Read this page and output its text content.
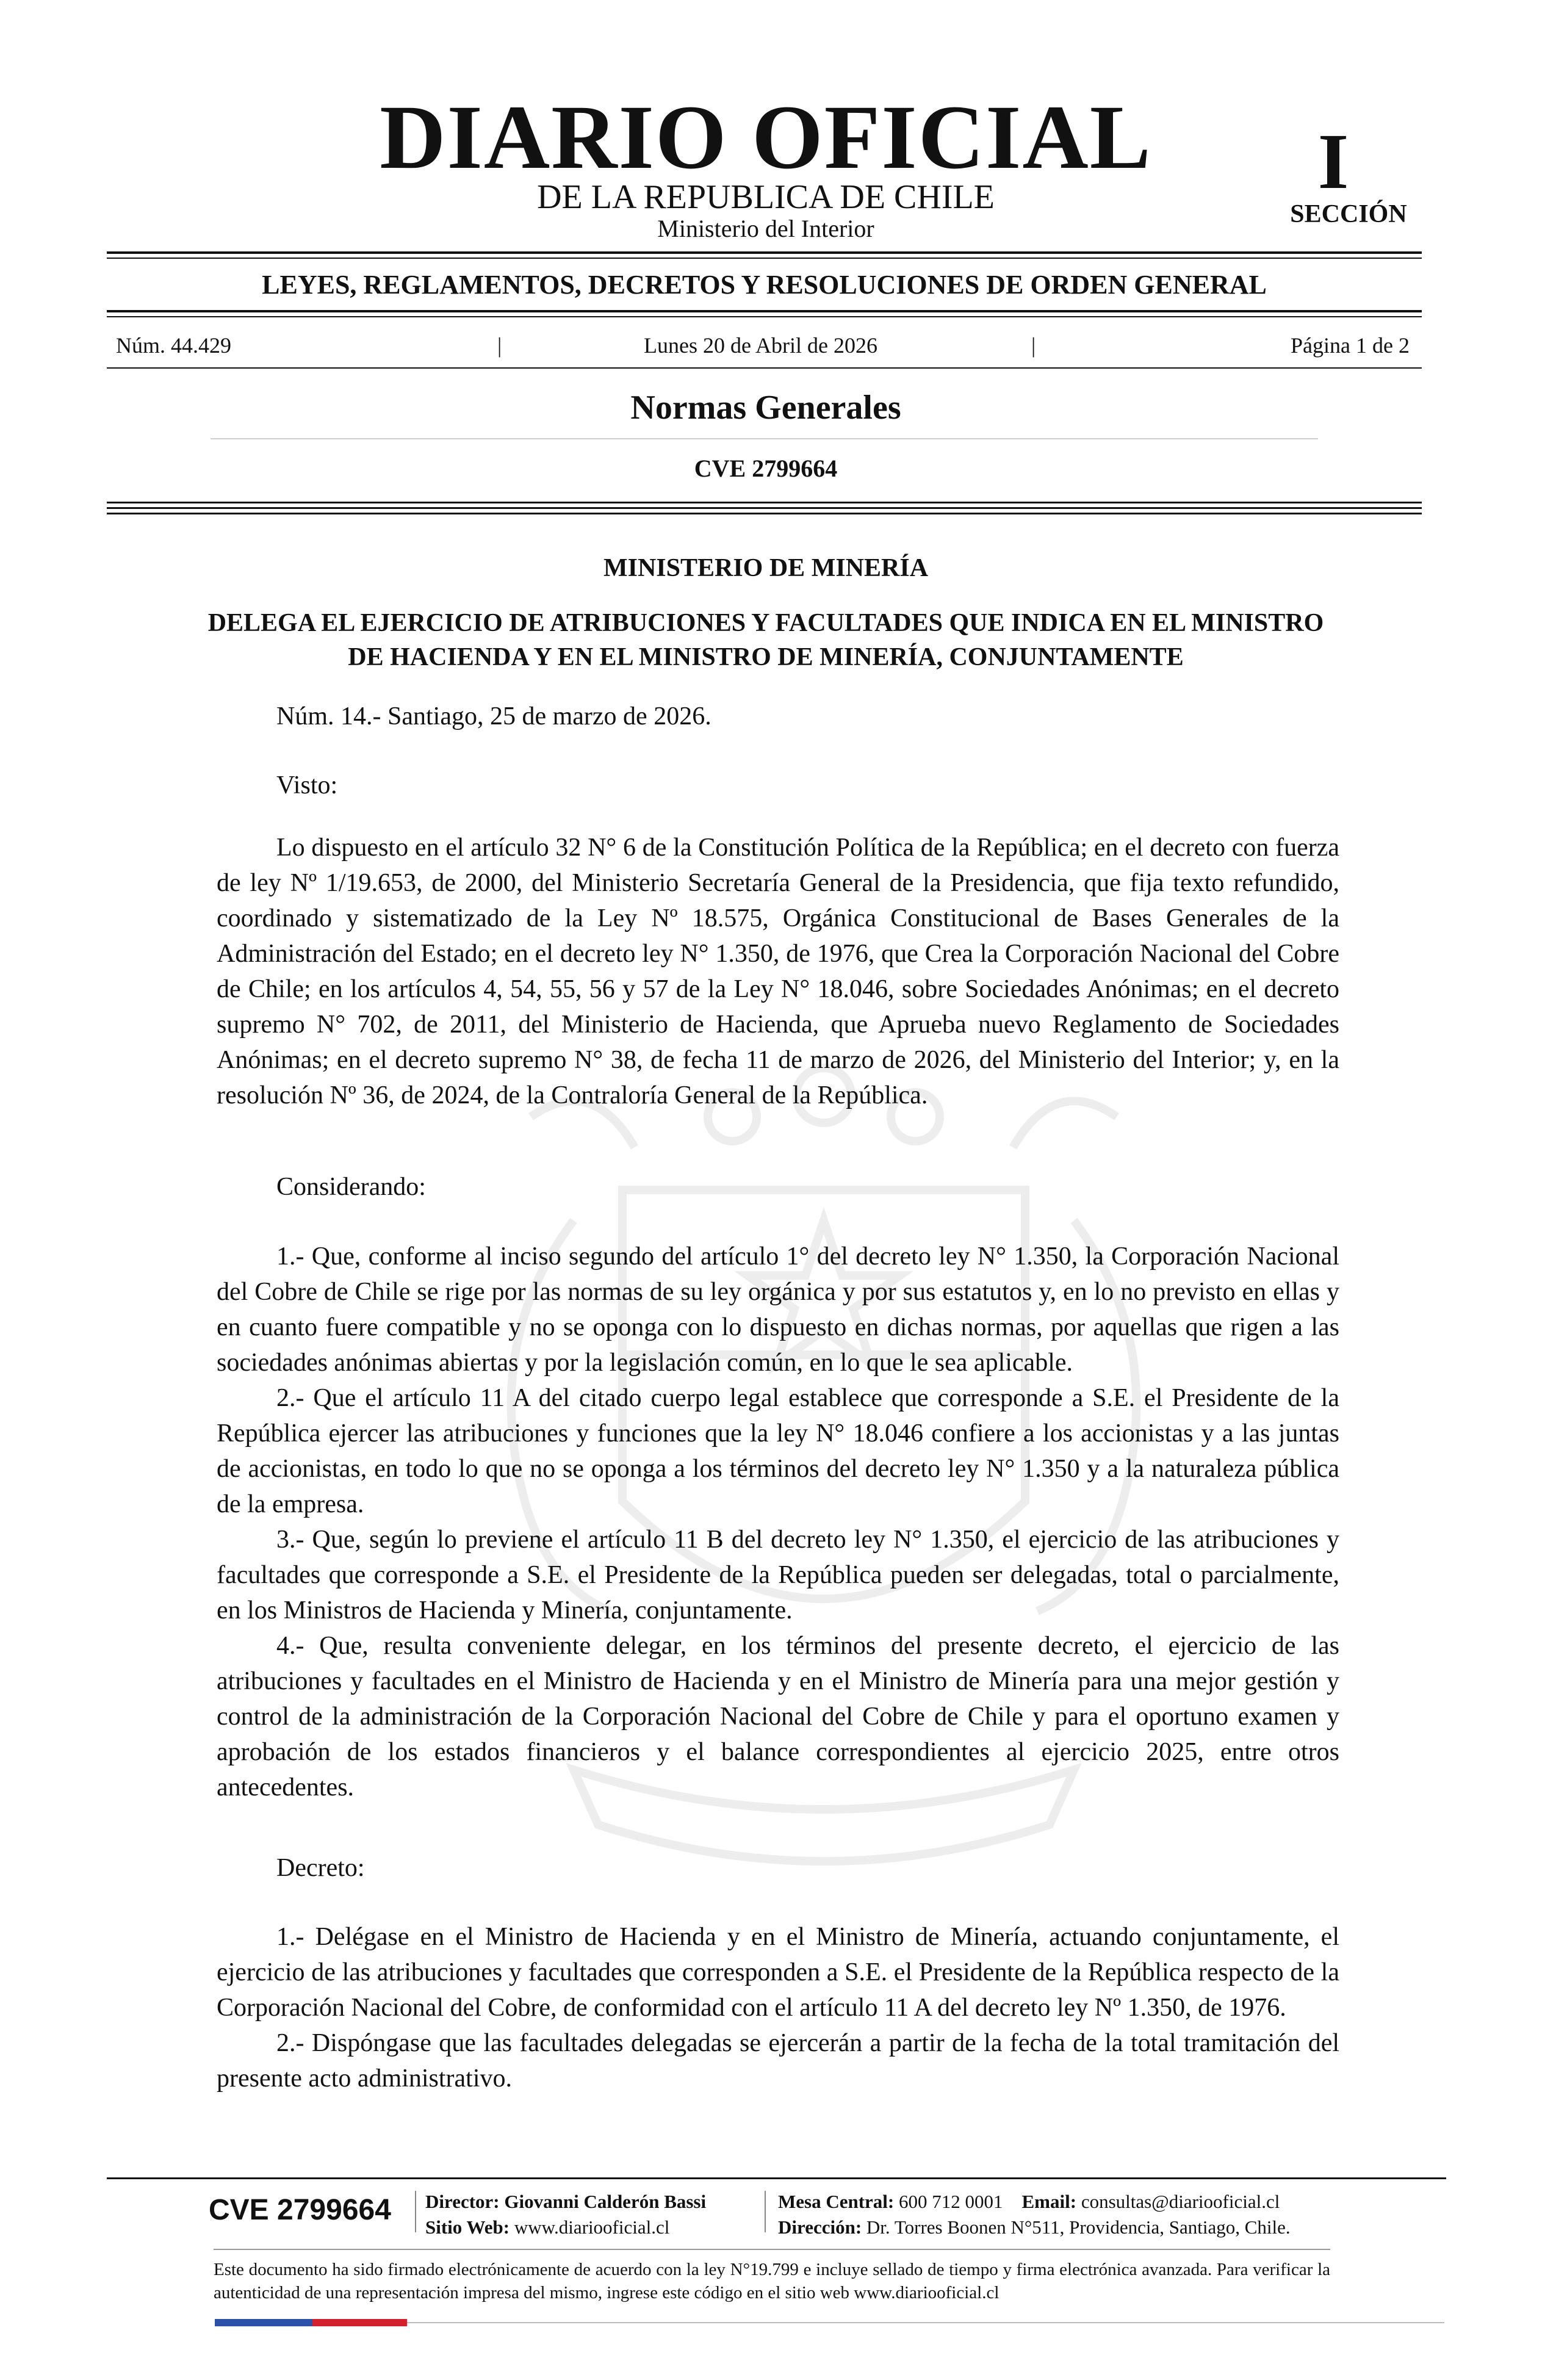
DIARIO OFICIAL
DE LA REPUBLICA DE CHILE
Ministerio del Interior
I
SECCIÓN
LEYES, REGLAMENTOS, DECRETOS Y RESOLUCIONES DE ORDEN GENERAL
Núm. 44.429	|	Lunes 20 de Abril de 2026	|	Página 1 de 2
Normas Generales
CVE 2799664
MINISTERIO DE MINERÍA
DELEGA EL EJERCICIO DE ATRIBUCIONES Y FACULTADES QUE INDICA EN EL MINISTRO DE HACIENDA Y EN EL MINISTRO DE MINERÍA, CONJUNTAMENTE
Núm. 14.- Santiago, 25 de marzo de 2026.
Visto:

Lo dispuesto en el artículo 32 N° 6 de la Constitución Política de la República; en el decreto con fuerza de ley Nº 1/19.653, de 2000, del Ministerio Secretaría General de la Presidencia, que fija texto refundido, coordinado y sistematizado de la Ley Nº 18.575, Orgánica Constitucional de Bases Generales de la Administración del Estado; en el decreto ley N° 1.350, de 1976, que Crea la Corporación Nacional del Cobre de Chile; en los artículos 4, 54, 55, 56 y 57 de la Ley N° 18.046, sobre Sociedades Anónimas; en el decreto supremo N° 702, de 2011, del Ministerio de Hacienda, que Aprueba nuevo Reglamento de Sociedades Anónimas; en el decreto supremo N° 38, de fecha 11 de marzo de 2026, del Ministerio del Interior; y, en la resolución Nº 36, de 2024, de la Contraloría General de la República.

Considerando:

1.- Que, conforme al inciso segundo del artículo 1° del decreto ley N° 1.350, la Corporación Nacional del Cobre de Chile se rige por las normas de su ley orgánica y por sus estatutos y, en lo no previsto en ellas y en cuanto fuere compatible y no se oponga con lo dispuesto en dichas normas, por aquellas que rigen a las sociedades anónimas abiertas y por la legislación común, en lo que le sea aplicable.

2.- Que el artículo 11 A del citado cuerpo legal establece que corresponde a S.E. el Presidente de la República ejercer las atribuciones y funciones que la ley N° 18.046 confiere a los accionistas y a las juntas de accionistas, en todo lo que no se oponga a los términos del decreto ley N° 1.350 y a la naturaleza pública de la empresa.

3.- Que, según lo previene el artículo 11 B del decreto ley N° 1.350, el ejercicio de las atribuciones y facultades que corresponde a S.E. el Presidente de la República pueden ser delegadas, total o parcialmente, en los Ministros de Hacienda y Minería, conjuntamente.

4.- Que, resulta conveniente delegar, en los términos del presente decreto, el ejercicio de las atribuciones y facultades en el Ministro de Hacienda y en el Ministro de Minería para una mejor gestión y control de la administración de la Corporación Nacional del Cobre de Chile y para el oportuno examen y aprobación de los estados financieros y el balance correspondientes al ejercicio 2025, entre otros antecedentes.

Decreto:

1.- Delégase en el Ministro de Hacienda y en el Ministro de Minería, actuando conjuntamente, el ejercicio de las atribuciones y facultades que corresponden a S.E. el Presidente de la República respecto de la Corporación Nacional del Cobre, de conformidad con el artículo 11 A del decreto ley Nº 1.350, de 1976.

2.- Dispóngase que las facultades delegadas se ejercerán a partir de la fecha de la total tramitación del presente acto administrativo.

CVE 2799664 Director: Giovanni Calderón Bassi
Sitio Web: www.diariooficial.cl
Mesa Central: 600 712 0001 Email: consultas@diariooficial.cl
Dirección: Dr. Torres Boonen N°511, Providencia, Santiago, Chile.
Este documento ha sido firmado electrónicamente de acuerdo con la ley N°19.799 e incluye sellado de tiempo y firma electrónica avanzada. Para verificar la autenticidad de una representación impresa del mismo, ingrese este código en el sitio web www.diariooficial.cl
